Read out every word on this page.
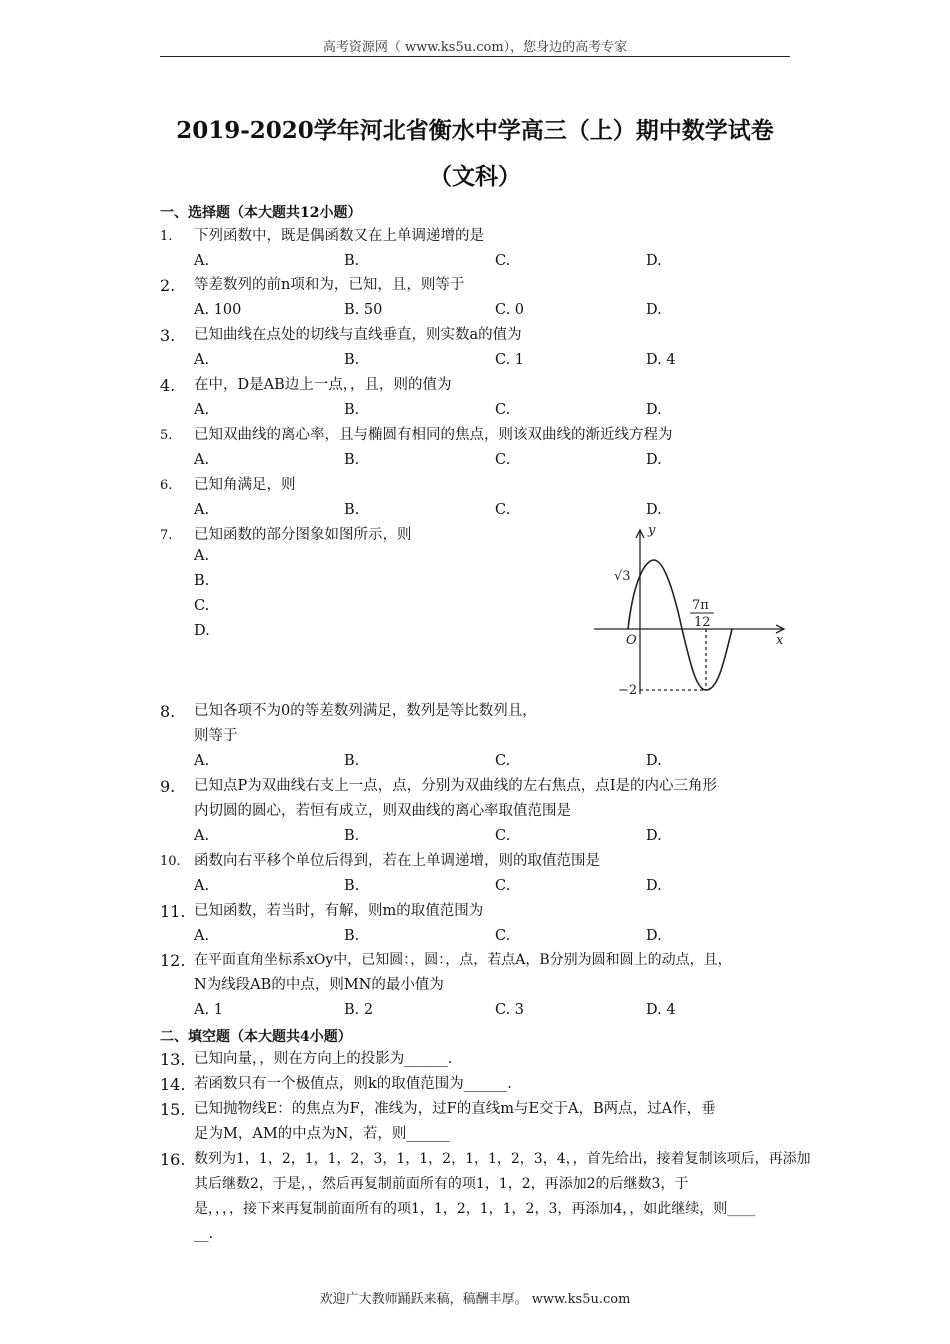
高考资源网（ www.ks5u.com），您身边的高考专家
2019-2020学年河北省衡水中学高三（上）期中数学试卷
（文科）
一、选择题（本大题共12小题）
1. 下列函数中，既是偶函数又在上单调递增的是
A.	B.	C.	D.
2. 等差数列的前n项和为，已知，且，则等于
A. 100	B. 50	C. 0	D.
3. 已知曲线在点处的切线与直线垂直，则实数a的值为
A.	B.	C. 1	D. 4
4. 在中，D是AB边上一点，，且，则的值为
A.	B.	C.	D.
5. 已知双曲线的离心率，且与椭圆有相同的焦点，则该双曲线的渐近线方程为
A.	B.	C.	D.
6. 已知角满足，则
A.	B.	C.	D.
7. 已知函数的部分图象如图所示，则
A.
B.
C.
D.
y
x
O
√3
−2
7π
12
8. 已知各项不为0的等差数列满足，数列是等比数列且，
则等于
A.	B.	C.	D.
9. 已知点P为双曲线右支上一点，点，分别为双曲线的左右焦点，点I是的内心三角形
内切圆的圆心，若恒有成立，则双曲线的离心率取值范围是
A.	B.	C.	D.
10. 函数向右平移个单位后得到，若在上单调递增，则的取值范围是
A.	B.	C.	D.
11. 已知函数，若当时，有解，则m的取值范围为
A.	B.	C.	D.
12. 在平面直角坐标系xOy中，已知圆：，圆：，点，若点A，B分别为圆和圆上的动点，且，
N为线段AB的中点，则MN的最小值为
A. 1	B. 2	C. 3	D. 4
二、填空题（本大题共4小题）
13. 已知向量，，则在方向上的投影为______.
14. 若函数只有一个极值点，则k的取值范围为______.
15. 已知抛物线E：的焦点为F，准线为，过F的直线m与E交于A，B两点，过A作，垂
足为M，AM的中点为N，若，则______
16. 数列为1，1，2，1，1，2，3，1，1，2，1，1，2，3，4，，首先给出，接着复制该项后，再添加
其后继数2，于是，，然后再复制前面所有的项1，1，2，再添加2的后继数3，于
是，，，，接下来再复制前面所有的项1，1，2，1，1，2，3，再添加4，，如此继续，则____
__.
欢迎广大教师踊跃来稿，稿酬丰厚。 www.ks5u.com
